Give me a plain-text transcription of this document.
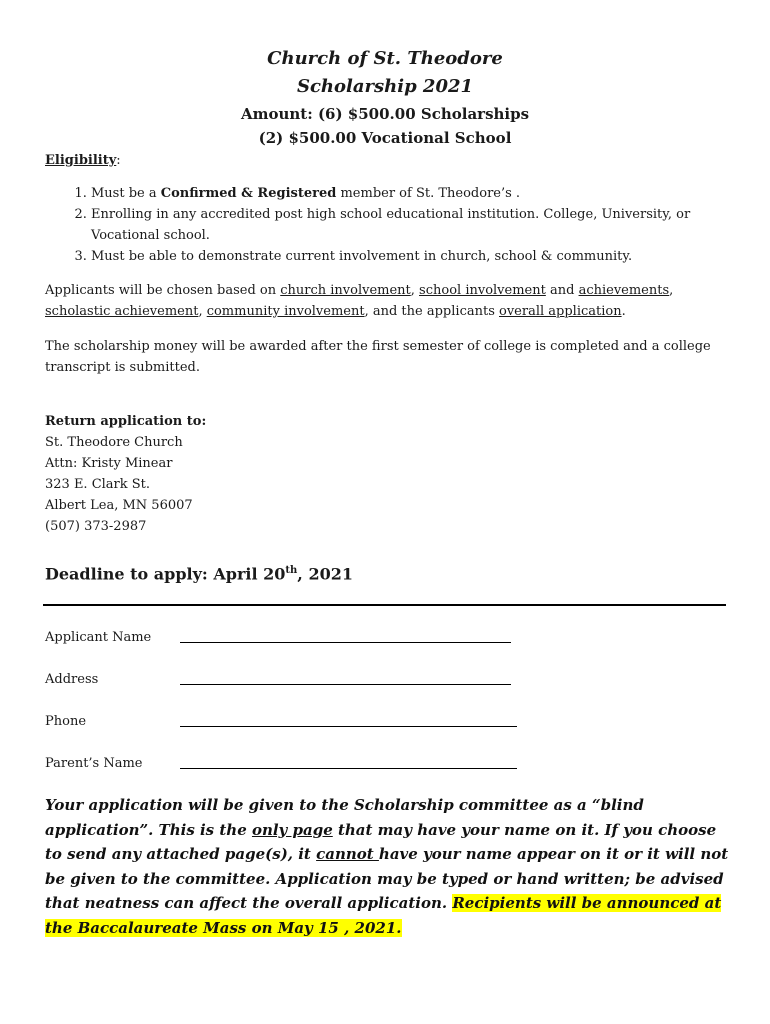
Church of St. Theodore
Scholarship 2021
Amount: (6) $500.00 Scholarships
(2) $500.00 Vocational School
Eligibility:
1. Must be a Confirmed & Registered member of St. Theodore’s .
2. Enrolling in any accredited post high school educational institution. College, University, or Vocational school.
3. Must be able to demonstrate current involvement in church, school & community.
Applicants will be chosen based on church involvement, school involvement and achievements, scholastic achievement, community involvement, and the applicants overall application.
The scholarship money will be awarded after the first semester of college is completed and a college transcript is submitted.
Return application to:
St. Theodore Church
Attn: Kristy Minear
323 E. Clark St.
Albert Lea, MN 56007
(507) 373-2987
Deadline to apply: April 20th, 2021
Applicant Name
Address
Phone
Parent’s Name
Your application will be given to the Scholarship committee as a “blind application”. This is the only page that may have your name on it. If you choose to send any attached page(s), it cannot have your name appear on it or it will not be given to the committee. Application may be typed or hand written; be advised that neatness can affect the overall application. Recipients will be announced at the Baccalaureate Mass on May 15 , 2021.
